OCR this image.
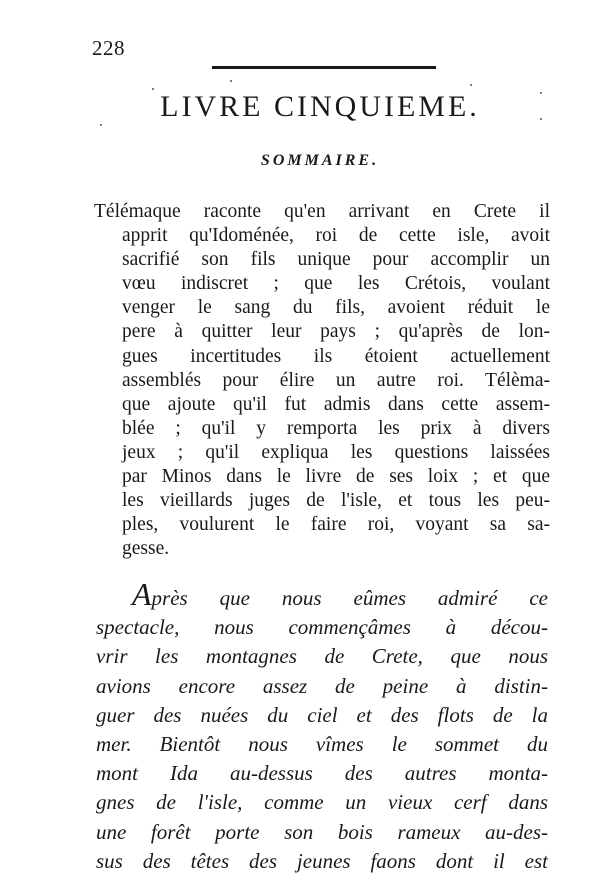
228
LIVRE CINQUIEME.
SOMMAIRE.
Télémaque raconte qu'en arrivant en Crete il
apprit qu'Idoménée, roi de cette isle, avoit
sacrifié son fils unique pour accomplir un
vœu indiscret ; que les Crétois, voulant
venger le sang du fils, avoient réduit le
pere à quitter leur pays ; qu'après de lon-
gues incertitudes ils étoient actuellement
assemblés pour élire un autre roi. Télèma-
que ajoute qu'il fut admis dans cette assem-
blée ; qu'il y remporta les prix à divers
jeux ; qu'il expliqua les questions laissées
par Minos dans le livre de ses loix ; et que
les vieillards juges de l'isle, et tous les peu-
ples, voulurent le faire roi, voyant sa sa-
gesse.
Après que nous eûmes admiré ce
spectacle, nous commençâmes à décou-
vrir les montagnes de Crete, que nous
avions encore assez de peine à distin-
guer des nuées du ciel et des flots de la
mer. Bientôt nous vîmes le sommet du
mont Ida au-dessus des autres monta-
gnes de l'isle, comme un vieux cerf dans
une forêt porte son bois rameux au-des-
sus des têtes des jeunes faons dont il est
